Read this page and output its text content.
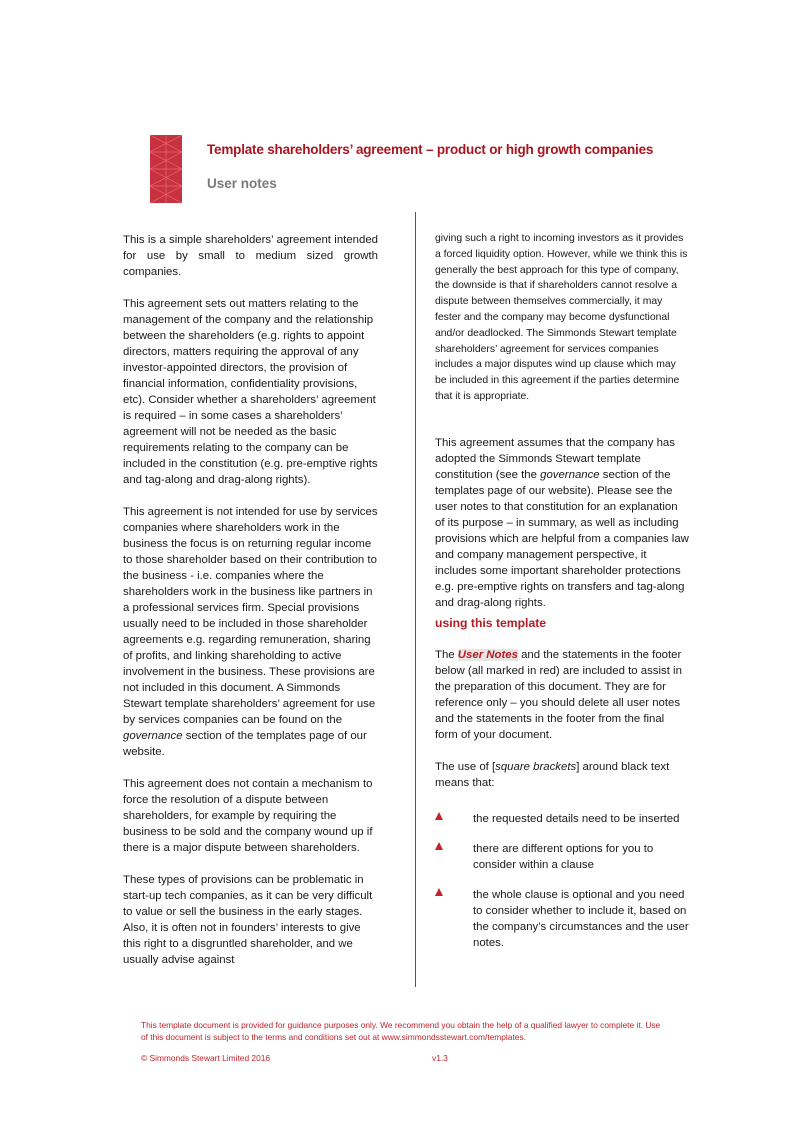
Template shareholders’ agreement – product or high growth companies
User notes

This is a simple shareholders’ agreement intended for use by small to medium sized growth companies.

This agreement sets out matters relating to the management of the company and the relationship between the shareholders (e.g. rights to appoint directors, matters requiring the approval of any investor-appointed directors, the provision of financial information, confidentiality provisions, etc). Consider whether a shareholders’ agreement is required – in some cases a shareholders’ agreement will not be needed as the basic requirements relating to the company can be included in the constitution (e.g. pre-emptive rights and tag-along and drag-along rights).

This agreement is not intended for use by services companies where shareholders work in the business the focus is on returning regular income to those shareholder based on their contribution to the business - i.e. companies where the shareholders work in the business like partners in a professional services firm. Special provisions usually need to be included in those shareholder agreements e.g. regarding remuneration, sharing of profits, and linking shareholding to active involvement in the business. These provisions are not included in this document. A Simmonds Stewart template shareholders’ agreement for use by services companies can be found on the governance section of the templates page of our website.

This agreement does not contain a mechanism to force the resolution of a dispute between shareholders, for example by requiring the business to be sold and the company wound up if there is a major dispute between shareholders.

These types of provisions can be problematic in start-up tech companies, as it can be very difficult to value or sell the business in the early stages. Also, it is often not in founders’ interests to give this right to a disgruntled shareholder, and we usually advise against

giving such a right to incoming investors as it provides a forced liquidity option. However, while we think this is generally the best approach for this type of company, the downside is that if shareholders cannot resolve a dispute between themselves commercially, it may fester and the company may become dysfunctional and/or deadlocked. The Simmonds Stewart template shareholders’ agreement for services companies includes a major disputes wind up clause which may be included in this agreement if the parties determine that it is appropriate.

This agreement assumes that the company has adopted the Simmonds Stewart template constitution (see the governance section of the templates page of our website). Please see the user notes to that constitution for an explanation of its purpose – in summary, as well as including provisions which are helpful from a companies law and company management perspective, it includes some important shareholder protections e.g. pre-emptive rights on transfers and tag-along and drag-along rights.

using this template

The User Notes and the statements in the footer below (all marked in red) are included to assist in the preparation of this document. They are for reference only – you should delete all user notes and the statements in the footer from the final form of your document.

The use of [square brackets] around black text means that:

the requested details need to be inserted
there are different options for you to consider within a clause
the whole clause is optional and you need to consider whether to include it, based on the company’s circumstances and the user notes.
This template document is provided for guidance purposes only. We recommend you obtain the help of a qualified lawyer to complete it. Use of this document is subject to the terms and conditions set out at www.simmondsstewart.com/templates.
© Simmonds Stewart Limited 2016	v1.3
